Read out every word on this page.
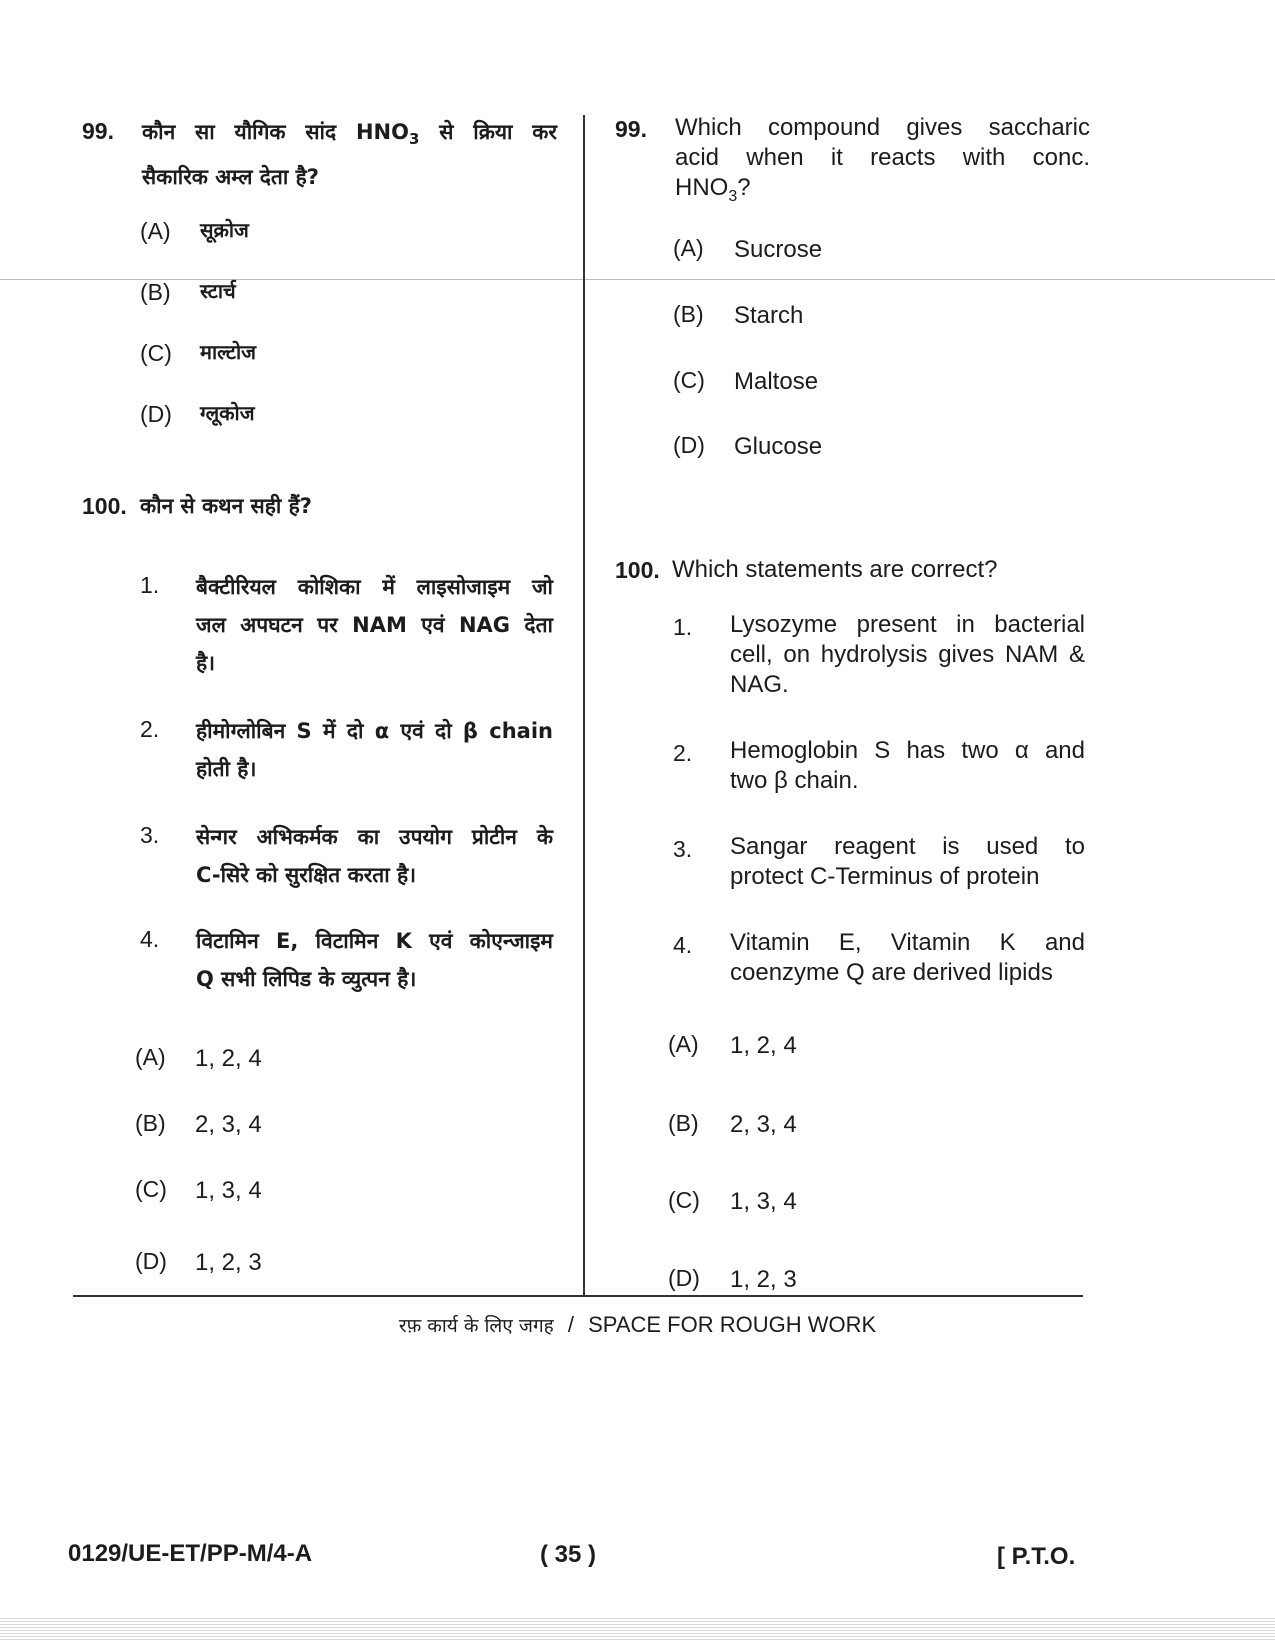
99. कौन सा यौगिक सांद $HNO_3$ से क्रिया कर
सैकारिक अम्ल देता है?
(A) सूक्रोज
(B) स्टार्च
(C) माल्टोज
(D) ग्लूकोज
100. कौन से कथन सही हैं?
1. बैक्टीरियल कोशिका में लाइसोजाइम जो
जल अपघटन पर NAM एवं NAG देता
है।
2. हीमोग्लोबिन S में दो α एवं दो β chain
होती है।
3. सेन्गर अभिकर्मक का उपयोग प्रोटीन के
C-सिरे को सुरक्षित करता है।
4. विटामिन E, विटामिन K एवं कोएन्जाइम
Q सभी लिपिड के व्युत्पन है।
(A) 1, 2, 4
(B) 2, 3, 4
(C) 1, 3, 4
(D) 1, 2, 3
99. Which compound gives saccharic
acid when it reacts with conc.
$HNO_3$?
(A) Sucrose
(B) Starch
(C) Maltose
(D) Glucose
100. Which statements are correct?
1. Lysozyme present in bacterial
cell, on hydrolysis gives NAM &
NAG.
2. Hemoglobin S has two α and
two β chain.
3. Sangar reagent is used to
protect C-Terminus of protein
4. Vitamin E, Vitamin K and
coenzyme Q are derived lipids
(A) 1, 2, 4
(B) 2, 3, 4
(C) 1, 3, 4
(D) 1, 2, 3
रफ़ कार्य के लिए जगह / SPACE FOR ROUGH WORK
0129/UE-ET/PP-M/4-A	( 35 )	[ P.T.O.
